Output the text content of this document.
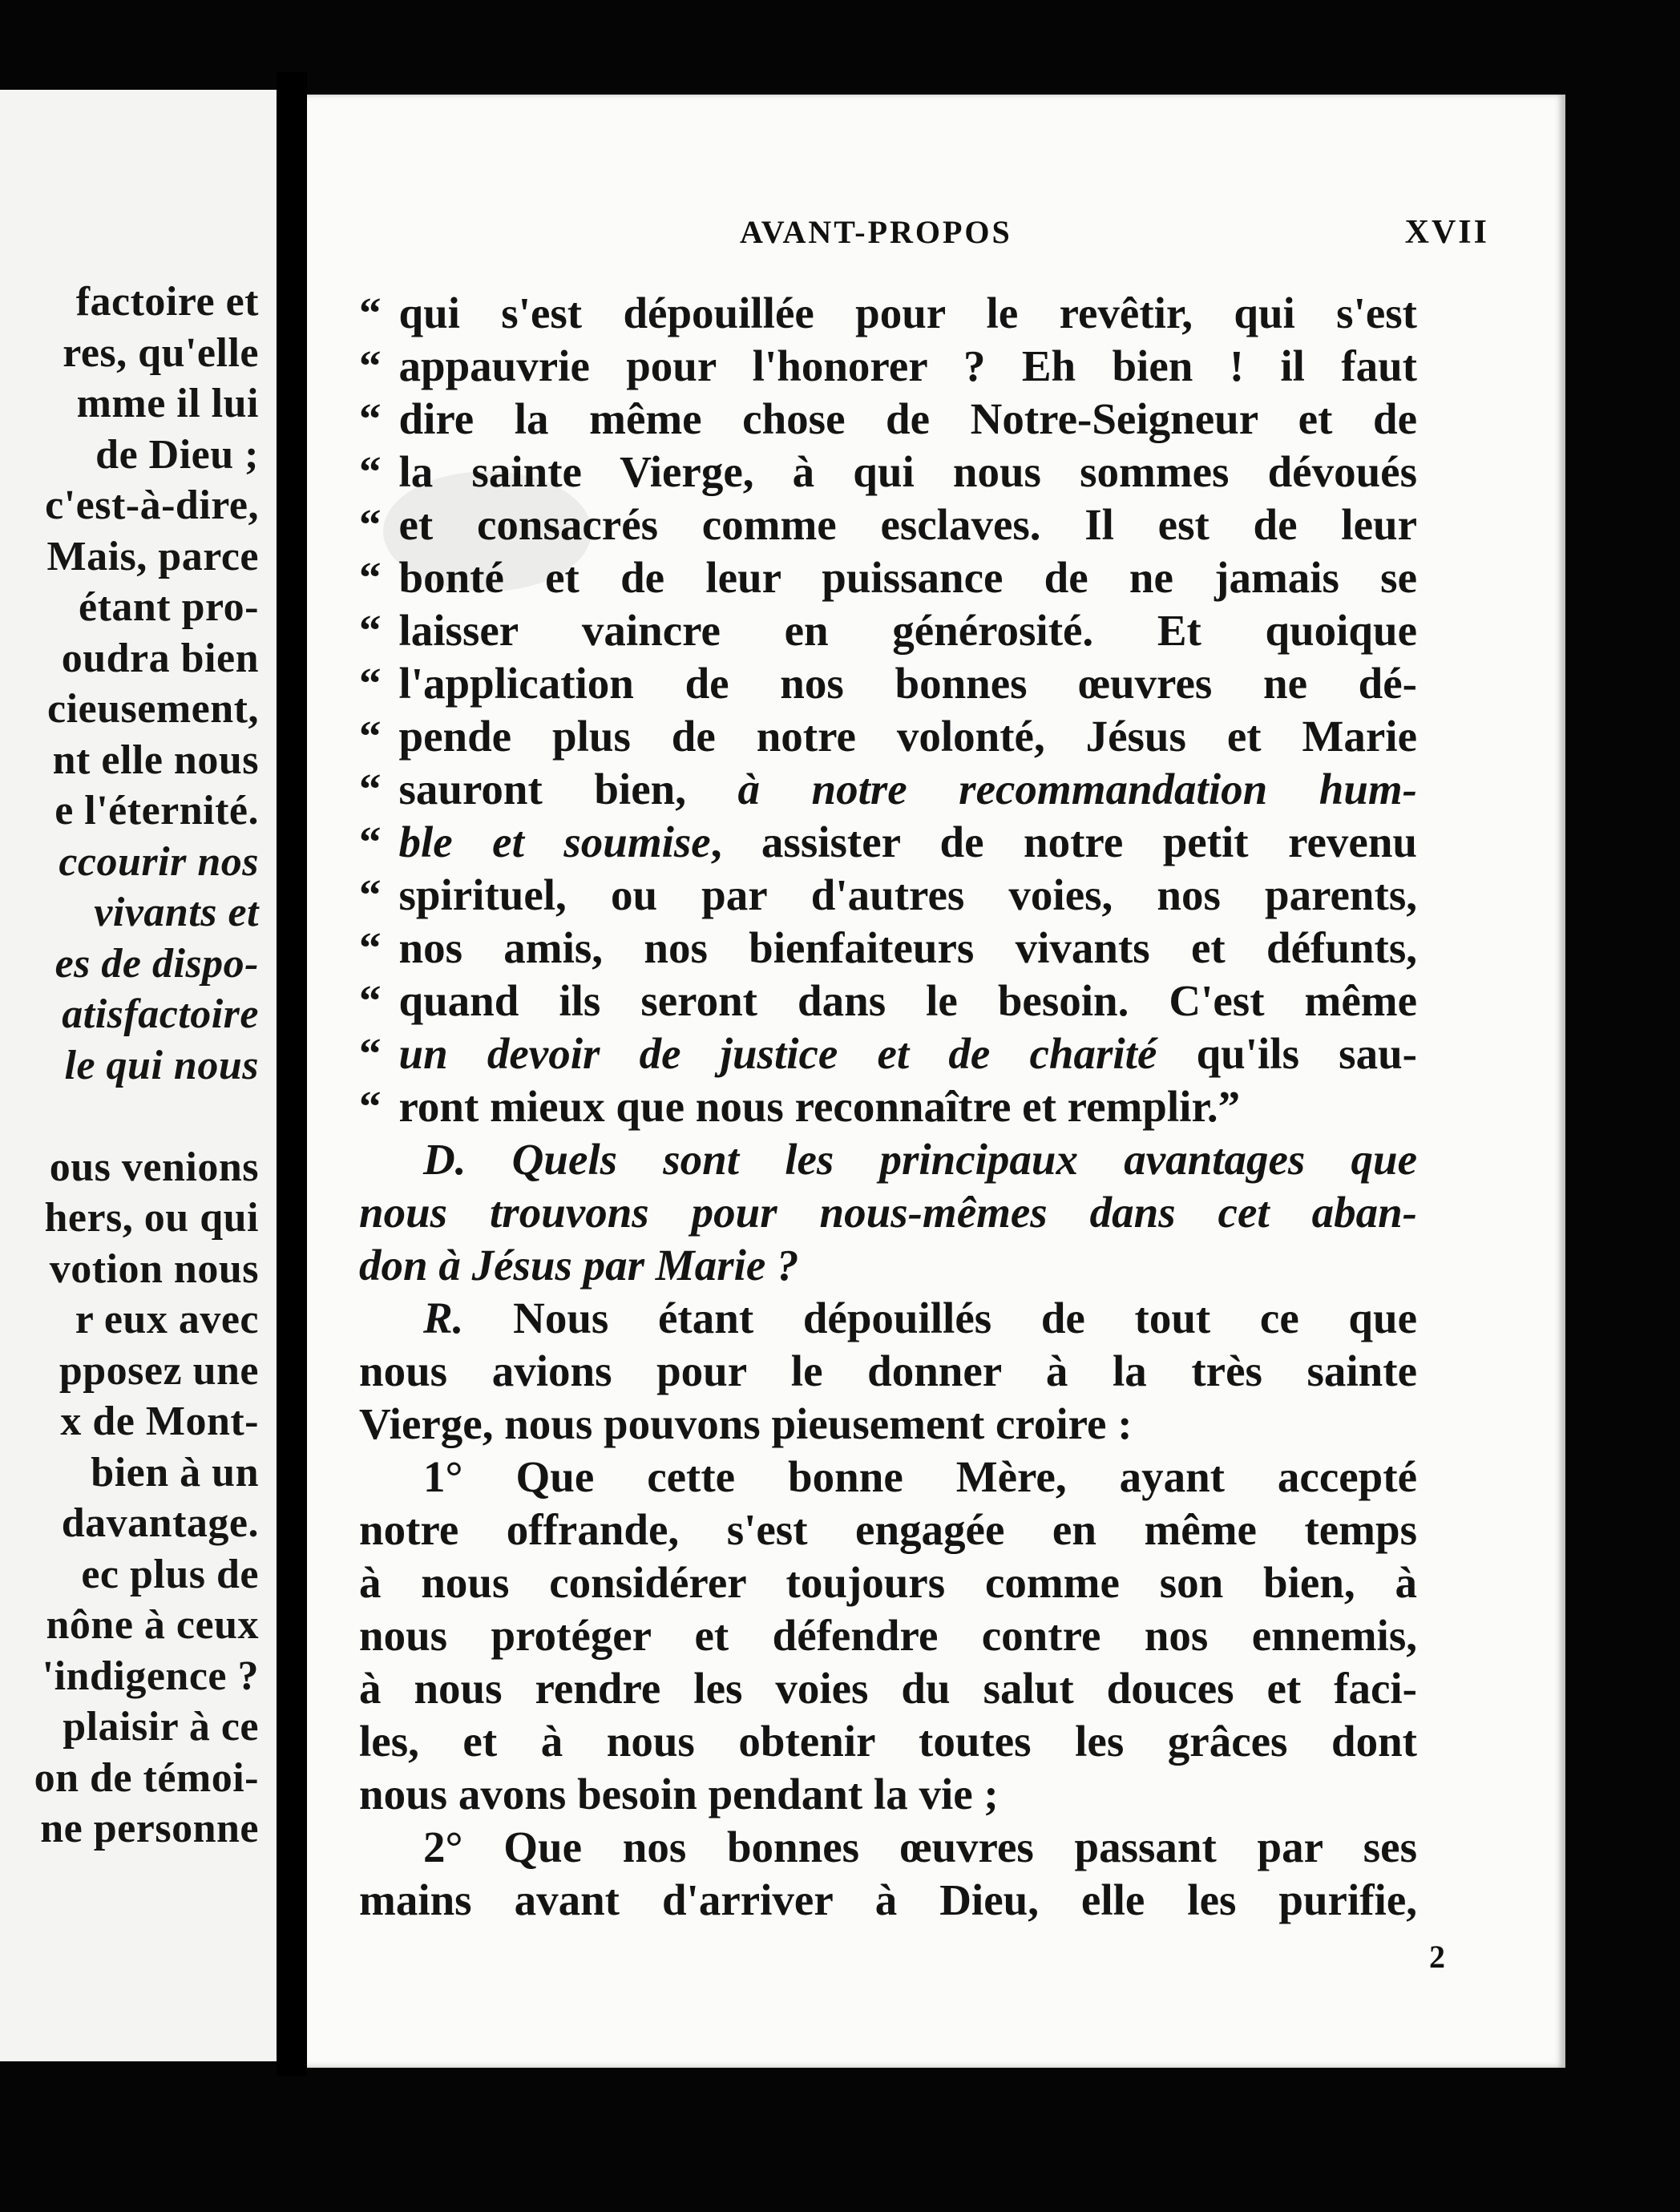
factoire et
res, qu'elle
mme il lui
de Dieu ;
c'est-à-dire,
Mais, parce
étant pro-
oudra bien
cieusement,
nt elle nous
e l'éternité.
ccourir nos
vivants et
es de dispo-
atisfactoire
le qui nous
ous venions
hers, ou qui
votion nous
r eux avec
pposez une
x de Mont-
bien à un
davantage.
ec plus de
nône à ceux
'indigence ?
plaisir à ce
on de témoi-
ne personne
AVANT-PROPOS	XVII
“ qui s'est dépouillée pour le revêtir, qui s'est
“ appauvrie pour l'honorer ? Eh bien ! il faut
“ dire la même chose de Notre-Seigneur et de
“ la sainte Vierge, à qui nous sommes dévoués
“ et consacrés comme esclaves. Il est de leur
“ bonté et de leur puissance de ne jamais se
“ laisser vaincre en générosité. Et quoique
“ l'application de nos bonnes œuvres ne dé-
“ pende plus de notre volonté, Jésus et Marie
“ sauront bien, à notre recommandation hum-
“ ble et soumise, assister de notre petit revenu
“ spirituel, ou par d'autres voies, nos parents,
“ nos amis, nos bienfaiteurs vivants et défunts,
“ quand ils seront dans le besoin. C'est même
“ un devoir de justice et de charité qu'ils sau-
“ ront mieux que nous reconnaître et remplir.”
D. Quels sont les principaux avantages que
nous trouvons pour nous-mêmes dans cet aban-
don à Jésus par Marie ?
R. Nous étant dépouillés de tout ce que
nous avions pour le donner à la très sainte
Vierge, nous pouvons pieusement croire :
1° Que cette bonne Mère, ayant accepté
notre offrande, s'est engagée en même temps
à nous considérer toujours comme son bien, à
nous protéger et défendre contre nos ennemis,
à nous rendre les voies du salut douces et faci-
les, et à nous obtenir toutes les grâces dont
nous avons besoin pendant la vie ;
2° Que nos bonnes œuvres passant par ses
mains avant d'arriver à Dieu, elle les purifie,
2
